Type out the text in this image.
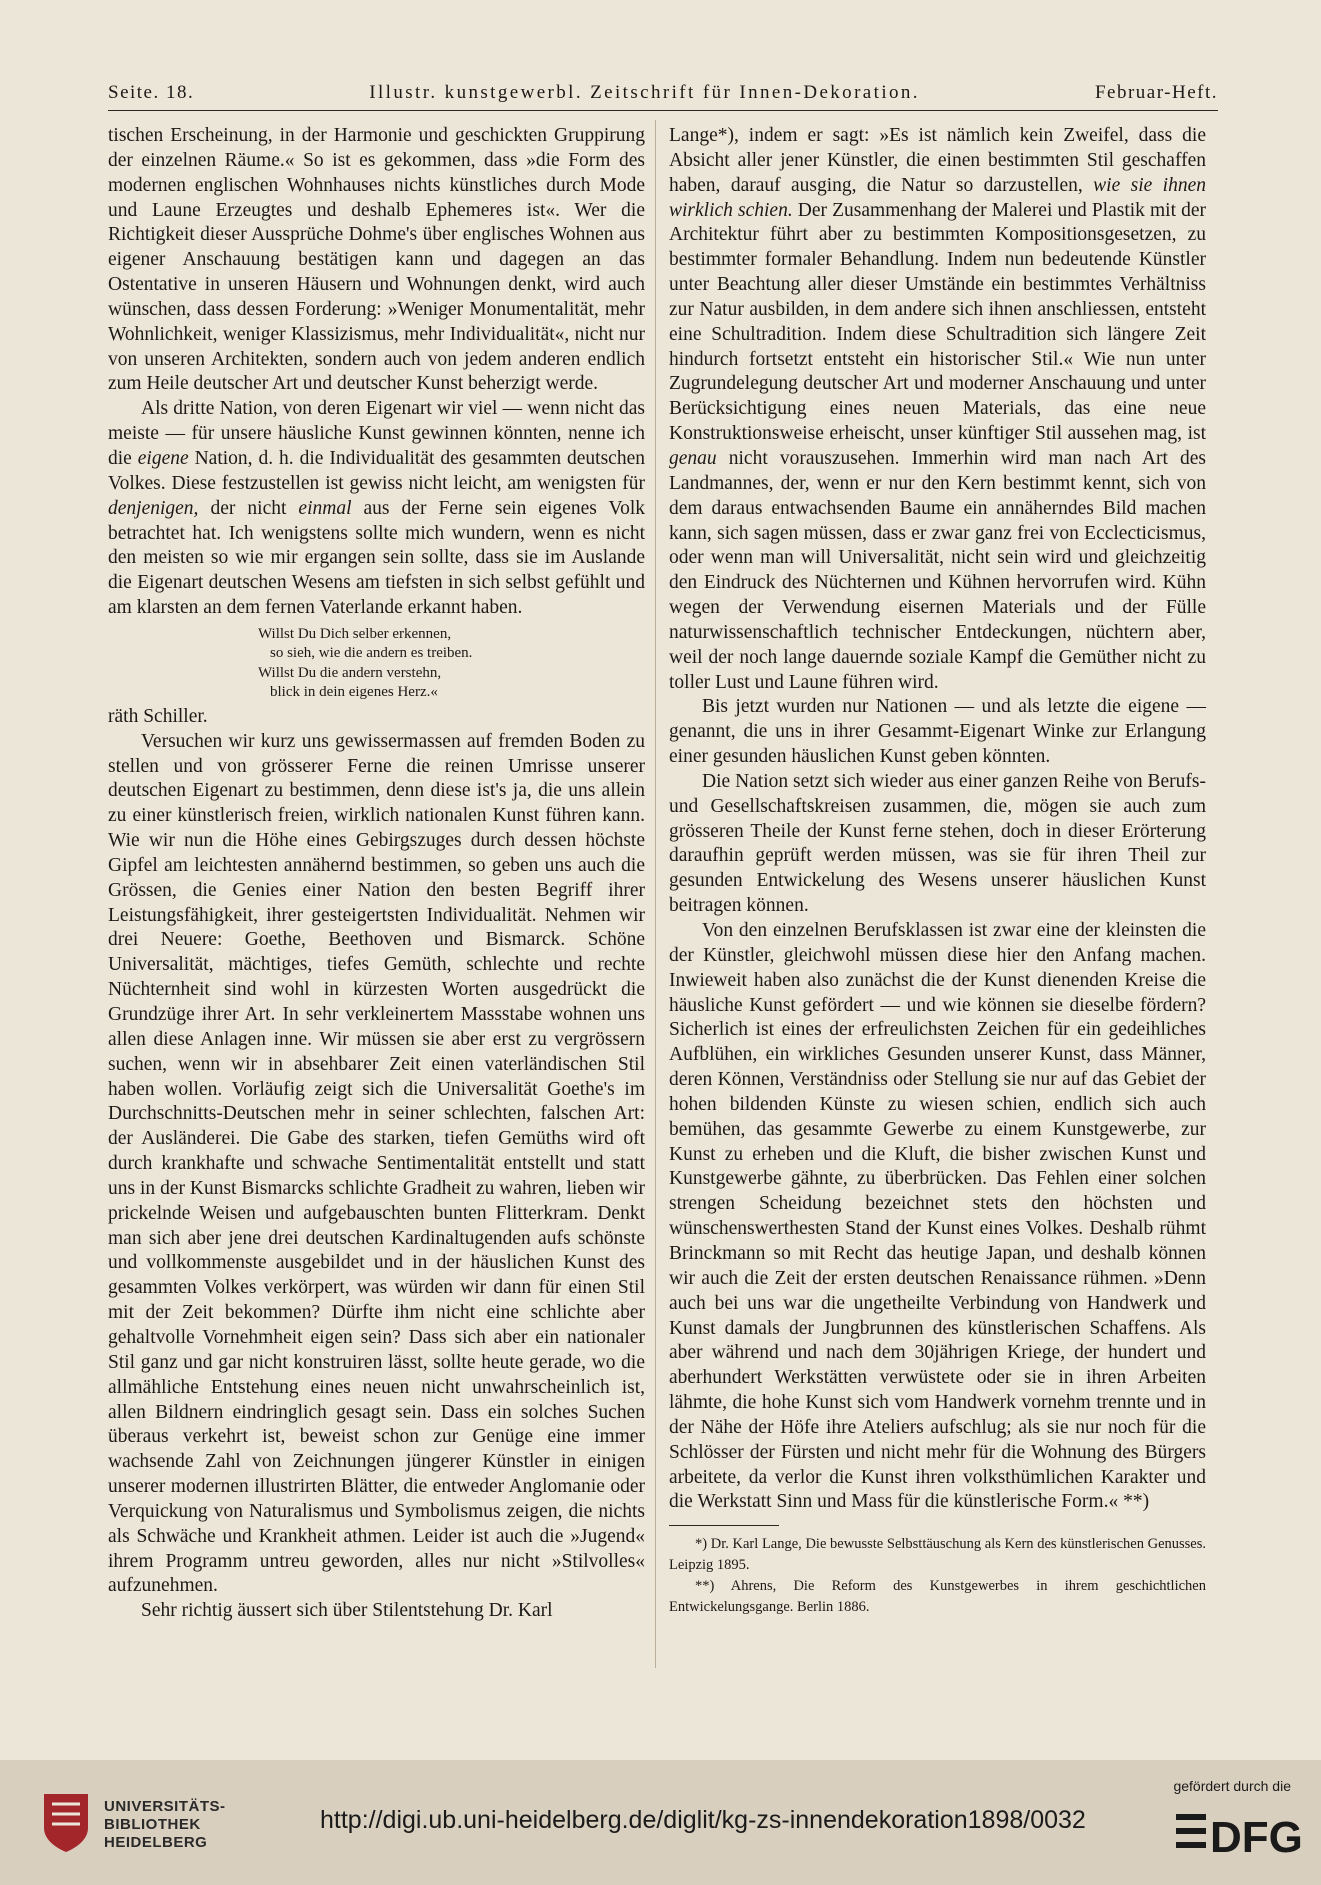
Seite. 18.	Illustr. kunstgewerbl. Zeitschrift für Innen-Dekoration.	Februar-Heft.

tischen Erscheinung, in der Harmonie und geschickten Gruppirung der einzelnen Räume.« So ist es gekommen, dass »die Form des modernen englischen Wohnhauses nichts künstliches durch Mode und Laune Erzeugtes und deshalb Ephemeres ist«. Wer die Richtigkeit dieser Aussprüche Dohme's über englisches Wohnen aus eigener Anschauung bestätigen kann und dagegen an das Ostentative in unseren Häusern und Wohnungen denkt, wird auch wünschen, dass dessen Forderung: »Weniger Monumentalität, mehr Wohnlichkeit, weniger Klassizismus, mehr Individualität«, nicht nur von unseren Architekten, sondern auch von jedem anderen endlich zum Heile deutscher Art und deutscher Kunst beherzigt werde.

Als dritte Nation, von deren Eigenart wir viel — wenn nicht das meiste — für unsere häusliche Kunst gewinnen könnten, nenne ich die eigene Nation, d. h. die Individualität des gesammten deutschen Volkes. Diese festzustellen ist gewiss nicht leicht, am wenigsten für denjenigen, der nicht einmal aus der Ferne sein eigenes Volk betrachtet hat. Ich wenigstens sollte mich wundern, wenn es nicht den meisten so wie mir ergangen sein sollte, dass sie im Auslande die Eigenart deutschen Wesens am tiefsten in sich selbst gefühlt und am klarsten an dem fernen Vaterlande erkannt haben.

Willst Du Dich selber erkennen,
so sieh, wie die andern es treiben.
Willst Du die andern verstehn,
blick in dein eigenes Herz.«

räth Schiller.

Versuchen wir kurz uns gewissermassen auf fremden Boden zu stellen und von grösserer Ferne die reinen Umrisse unserer deutschen Eigenart zu bestimmen, denn diese ist's ja, die uns allein zu einer künstlerisch freien, wirklich nationalen Kunst führen kann. Wie wir nun die Höhe eines Gebirgszuges durch dessen höchste Gipfel am leichtesten annähernd bestimmen, so geben uns auch die Grössen, die Genies einer Nation den besten Begriff ihrer Leistungsfähigkeit, ihrer gesteigertsten Individualität. Nehmen wir drei Neuere: Goethe, Beethoven und Bismarck. Schöne Universalität, mächtiges, tiefes Gemüth, schlechte und rechte Nüchternheit sind wohl in kürzesten Worten ausgedrückt die Grundzüge ihrer Art. In sehr verkleinertem Massstabe wohnen uns allen diese Anlagen inne. Wir müssen sie aber erst zu vergrössern suchen, wenn wir in absehbarer Zeit einen vaterländischen Stil haben wollen. Vorläufig zeigt sich die Universalität Goethe's im Durchschnitts-Deutschen mehr in seiner schlechten, falschen Art: der Ausländerei. Die Gabe des starken, tiefen Gemüths wird oft durch krankhafte und schwache Sentimentalität entstellt und statt uns in der Kunst Bismarcks schlichte Gradheit zu wahren, lieben wir prickelnde Weisen und aufgebauschten bunten Flitterkram. Denkt man sich aber jene drei deutschen Kardinaltugenden aufs schönste und vollkommenste ausgebildet und in der häuslichen Kunst des gesammten Volkes verkörpert, was würden wir dann für einen Stil mit der Zeit bekommen? Dürfte ihm nicht eine schlichte aber gehaltvolle Vornehmheit eigen sein? Dass sich aber ein nationaler Stil ganz und gar nicht konstruiren lässt, sollte heute gerade, wo die allmähliche Entstehung eines neuen nicht unwahrscheinlich ist, allen Bildnern eindringlich gesagt sein. Dass ein solches Suchen überaus verkehrt ist, beweist schon zur Genüge eine immer wachsende Zahl von Zeichnungen jüngerer Künstler in einigen unserer modernen illustrirten Blätter, die entweder Anglomanie oder Verquickung von Naturalismus und Symbolismus zeigen, die nichts als Schwäche und Krankheit athmen. Leider ist auch die »Jugend« ihrem Programm untreu geworden, alles nur nicht »Stilvolles« aufzunehmen.

Sehr richtig äussert sich über Stilentstehung Dr. Karl

Lange*), indem er sagt: »Es ist nämlich kein Zweifel, dass die Absicht aller jener Künstler, die einen bestimmten Stil geschaffen haben, darauf ausging, die Natur so darzustellen, wie sie ihnen wirklich schien. Der Zusammenhang der Malerei und Plastik mit der Architektur führt aber zu bestimmten Kompositionsgesetzen, zu bestimmter formaler Behandlung. Indem nun bedeutende Künstler unter Beachtung aller dieser Umstände ein bestimmtes Verhältniss zur Natur ausbilden, in dem andere sich ihnen anschliessen, entsteht eine Schultradition. Indem diese Schultradition sich längere Zeit hindurch fortsetzt entsteht ein historischer Stil.« Wie nun unter Zugrundelegung deutscher Art und moderner Anschauung und unter Berücksichtigung eines neuen Materials, das eine neue Konstruktionsweise erheischt, unser künftiger Stil aussehen mag, ist genau nicht vorauszusehen. Immerhin wird man nach Art des Landmannes, der, wenn er nur den Kern bestimmt kennt, sich von dem daraus entwachsenden Baume ein annäherndes Bild machen kann, sich sagen müssen, dass er zwar ganz frei von Ecclecticismus, oder wenn man will Universalität, nicht sein wird und gleichzeitig den Eindruck des Nüchternen und Kühnen hervorrufen wird. Kühn wegen der Verwendung eisernen Materials und der Fülle naturwissenschaftlich technischer Entdeckungen, nüchtern aber, weil der noch lange dauernde soziale Kampf die Gemüther nicht zu toller Lust und Laune führen wird.

Bis jetzt wurden nur Nationen — und als letzte die eigene — genannt, die uns in ihrer Gesammt-Eigenart Winke zur Erlangung einer gesunden häuslichen Kunst geben könnten.

Die Nation setzt sich wieder aus einer ganzen Reihe von Berufs- und Gesellschaftskreisen zusammen, die, mögen sie auch zum grösseren Theile der Kunst ferne stehen, doch in dieser Erörterung daraufhin geprüft werden müssen, was sie für ihren Theil zur gesunden Entwickelung des Wesens unserer häuslichen Kunst beitragen können.

Von den einzelnen Berufsklassen ist zwar eine der kleinsten die der Künstler, gleichwohl müssen diese hier den Anfang machen. Inwieweit haben also zunächst die der Kunst dienenden Kreise die häusliche Kunst gefördert — und wie können sie dieselbe fördern? Sicherlich ist eines der erfreulichsten Zeichen für ein gedeihliches Aufblühen, ein wirkliches Gesunden unserer Kunst, dass Männer, deren Können, Verständniss oder Stellung sie nur auf das Gebiet der hohen bildenden Künste zu wiesen schien, endlich sich auch bemühen, das gesammte Gewerbe zu einem Kunstgewerbe, zur Kunst zu erheben und die Kluft, die bisher zwischen Kunst und Kunstgewerbe gähnte, zu überbrücken. Das Fehlen einer solchen strengen Scheidung bezeichnet stets den höchsten und wünschenswerthesten Stand der Kunst eines Volkes. Deshalb rühmt Brinckmann so mit Recht das heutige Japan, und deshalb können wir auch die Zeit der ersten deutschen Renaissance rühmen. »Denn auch bei uns war die ungetheilte Verbindung von Handwerk und Kunst damals der Jungbrunnen des künstlerischen Schaffens. Als aber während und nach dem 30jährigen Kriege, der hundert und aberhundert Werkstätten verwüstete oder sie in ihren Arbeiten lähmte, die hohe Kunst sich vom Handwerk vornehm trennte und in der Nähe der Höfe ihre Ateliers aufschlug; als sie nur noch für die Schlösser der Fürsten und nicht mehr für die Wohnung des Bürgers arbeitete, da verlor die Kunst ihren volksthümlichen Karakter und die Werkstatt Sinn und Mass für die künstlerische Form.« **)

*) Dr. Karl Lange, Die bewusste Selbsttäuschung als Kern des künstlerischen Genusses. Leipzig 1895.

**) Ahrens, Die Reform des Kunstgewerbes in ihrem geschichtlichen Entwickelungsgange. Berlin 1886.

UNIVERSITÄTS-
BIBLIOTHEK
HEIDELBERG
http://digi.ub.uni-heidelberg.de/diglit/kg-zs-innendekoration1898/0032
gefördert durch die
DFG
